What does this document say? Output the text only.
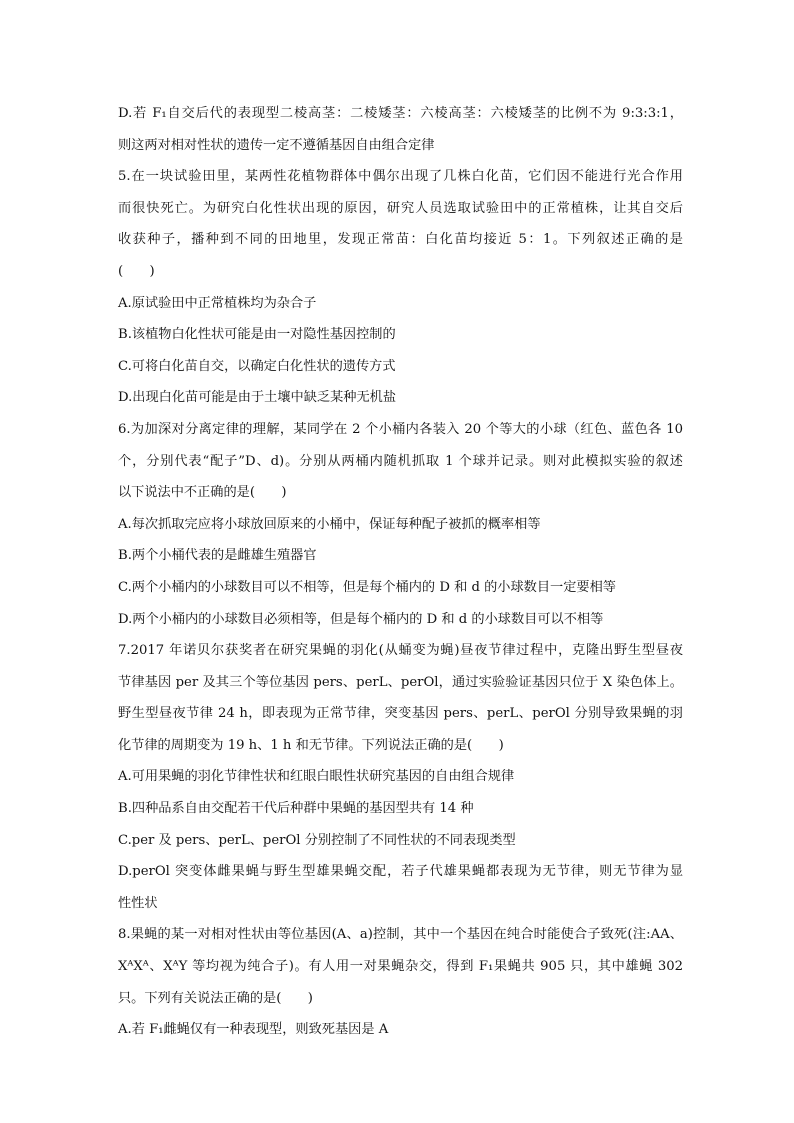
D.若 F₁自交后代的表现型二棱高茎：二棱矮茎：六棱高茎：六棱矮茎的比例不为 9:3:3:1，
则这两对相对性状的遗传一定不遵循基因自由组合定律
5.在一块试验田里，某两性花植物群体中偶尔出现了几株白化苗，它们因不能进行光合作用
而很快死亡。为研究白化性状出现的原因，研究人员选取试验田中的正常植株，让其自交后
收获种子，播种到不同的田地里，发现正常苗：白化苗均接近 5：1。下列叙述正确的是
(　　)
A.原试验田中正常植株均为杂合子
B.该植物白化性状可能是由一对隐性基因控制的
C.可将白化苗自交，以确定白化性状的遗传方式
D.出现白化苗可能是由于土壤中缺乏某种无机盐
6.为加深对分离定律的理解，某同学在 2 个小桶内各装入 20 个等大的小球（红色、蓝色各 10
个，分别代表“配子”D、d)。分别从两桶内随机抓取 1 个球并记录。则对此模拟实验的叙述
以下说法中不正确的是(　　)
A.每次抓取完应将小球放回原来的小桶中，保证每种配子被抓的概率相等
B.两个小桶代表的是雌雄生殖器官
C.两个小桶内的小球数目可以不相等，但是每个桶内的 D 和 d 的小球数目一定要相等
D.两个小桶内的小球数目必须相等，但是每个桶内的 D 和 d 的小球数目可以不相等
7.2017 年诺贝尔获奖者在研究果蝇的羽化(从蛹变为蝇)昼夜节律过程中，克隆出野生型昼夜
节律基因 per 及其三个等位基因 pers、perL、perOl，通过实验验证基因只位于 X 染色体上。
野生型昼夜节律 24 h，即表现为正常节律，突变基因 pers、perL、perOl 分别导致果蝇的羽
化节律的周期变为 19 h、1 h 和无节律。下列说法正确的是(　　)
A.可用果蝇的羽化节律性状和红眼白眼性状研究基因的自由组合规律
B.四种品系自由交配若干代后种群中果蝇的基因型共有 14 种
C.per 及 pers、perL、perOl 分别控制了不同性状的不同表现类型
D.perOl 突变体雌果蝇与野生型雄果蝇交配，若子代雄果蝇都表现为无节律，则无节律为显
性性状
8.果蝇的某一对相对性状由等位基因(A、a)控制，其中一个基因在纯合时能使合子致死(注:AA、
XᴬXᴬ、XᴬY 等均视为纯合子)。有人用一对果蝇杂交，得到 F₁果蝇共 905 只，其中雄蝇 302
只。下列有关说法正确的是(　　)
A.若 F₁雌蝇仅有一种表现型，则致死基因是 A
